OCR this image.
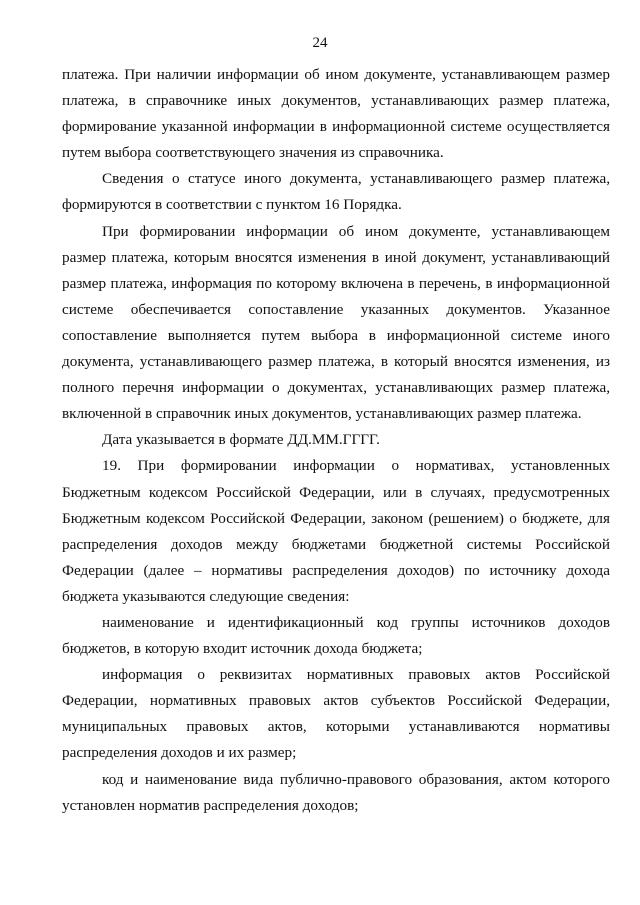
24

платежа. При наличии информации об ином документе, устанавливающем размер платежа, в справочнике иных документов, устанавливающих размер платежа, формирование указанной информации в информационной системе осуществляется путем выбора соответствующего значения из справочника.

Сведения о статусе иного документа, устанавливающего размер платежа, формируются в соответствии с пунктом 16 Порядка.

При формировании информации об ином документе, устанавливающем размер платежа, которым вносятся изменения в иной документ, устанавливающий размер платежа, информация по которому включена в перечень, в информационной системе обеспечивается сопоставление указанных документов. Указанное сопоставление выполняется путем выбора в информационной системе иного документа, устанавливающего размер платежа, в который вносятся изменения, из полного перечня информации о документах, устанавливающих размер платежа, включенной в справочник иных документов, устанавливающих размер платежа.

Дата указывается в формате ДД.ММ.ГГГГ.

19. При формировании информации о нормативах, установленных Бюджетным кодексом Российской Федерации, или в случаях, предусмотренных Бюджетным кодексом Российской Федерации, законом (решением) о бюджете, для распределения доходов между бюджетами бюджетной системы Российской Федерации (далее – нормативы распределения доходов) по источнику дохода бюджета указываются следующие сведения:

наименование и идентификационный код группы источников доходов бюджетов, в которую входит источник дохода бюджета;

информация о реквизитах нормативных правовых актов Российской Федерации, нормативных правовых актов субъектов Российской Федерации, муниципальных правовых актов, которыми устанавливаются нормативы распределения доходов и их размер;

код и наименование вида публично-правового образования, актом которого установлен норматив распределения доходов;
